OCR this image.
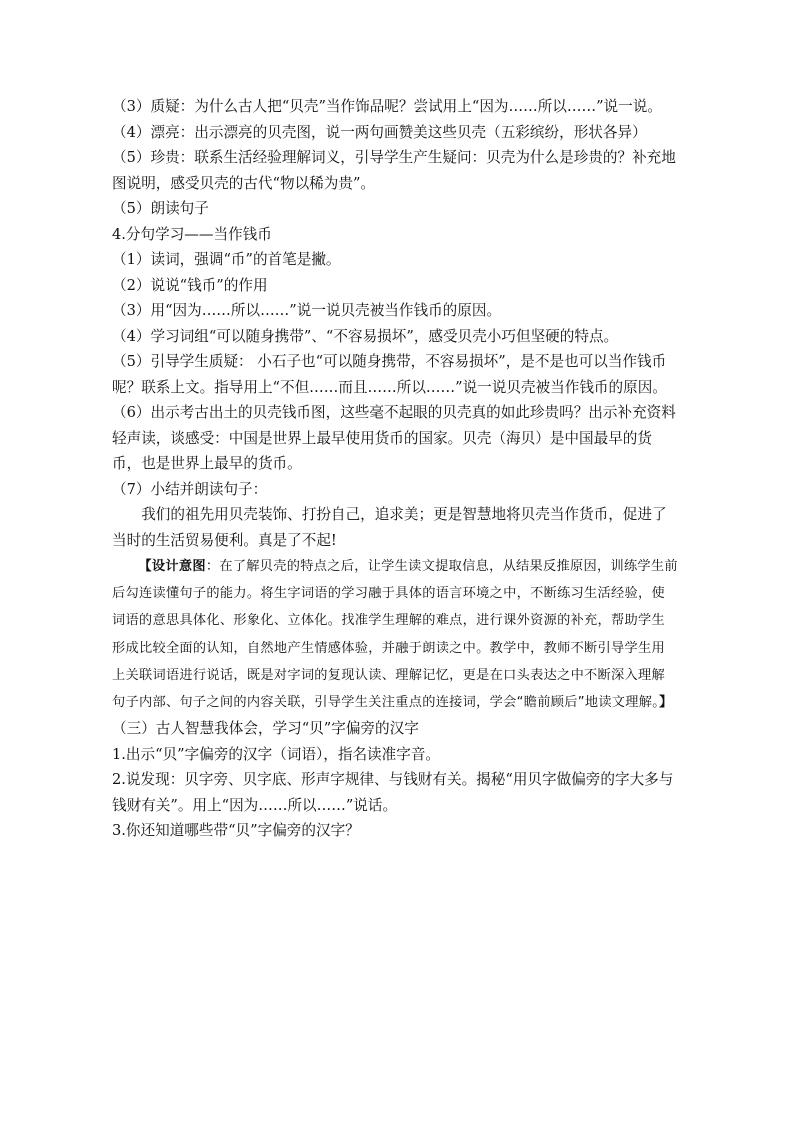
（3）质疑：为什么古人把“贝壳”当作饰品呢？尝试用上“因为……所以……”说一说。

（4）漂亮：出示漂亮的贝壳图，说一两句画赞美这些贝壳（五彩缤纷，形状各异）

（5）珍贵：联系生活经验理解词义，引导学生产生疑问：贝壳为什么是珍贵的？补充地图说明，感受贝壳的古代“物以稀为贵”。

（5）朗读句子

4.分句学习——当作钱币

（1）读词，强调“币”的首笔是撇。

（2）说说“钱币”的作用

（3）用“因为……所以……”说一说贝壳被当作钱币的原因。

（4）学习词组“可以随身携带”、“不容易损坏”，感受贝壳小巧但坚硬的特点。

（5）引导学生质疑： 小石子也“可以随身携带，不容易损坏”，是不是也可以当作钱币呢？联系上文。指导用上“不但……而且……所以……”说一说贝壳被当作钱币的原因。

（6）出示考古出土的贝壳钱币图，这些毫不起眼的贝壳真的如此珍贵吗？出示补充资料轻声读，谈感受：中国是世界上最早使用货币的国家。贝壳（海贝）是中国最早的货币，也是世界上最早的货币。

（7）小结并朗读句子：

我们的祖先用贝壳装饰、打扮自己，追求美；更是智慧地将贝壳当作货币，促进了当时的生活贸易便利。真是了不起!

【设计意图：在了解贝壳的特点之后，让学生读文提取信息，从结果反推原因，训练学生前后勾连读懂句子的能力。将生字词语的学习融于具体的语言环境之中，不断练习生活经验，使词语的意思具体化、形象化、立体化。找准学生理解的难点，进行课外资源的补充，帮助学生形成比较全面的认知，自然地产生情感体验，并融于朗读之中。教学中，教师不断引导学生用上关联词语进行说话，既是对字词的复现认读、理解记忆，更是在口头表达之中不断深入理解句子内部、句子之间的内容关联，引导学生关注重点的连接词，学会“瞻前顾后”地读文理解。】

（三）古人智慧我体会，学习“贝”字偏旁的汉字

1.出示“贝”字偏旁的汉字（词语），指名读准字音。

2.说发现：贝字旁、贝字底、形声字规律、与钱财有关。揭秘“用贝字做偏旁的字大多与钱财有关”。用上“因为……所以……”说话。

3.你还知道哪些带“贝”字偏旁的汉字？
